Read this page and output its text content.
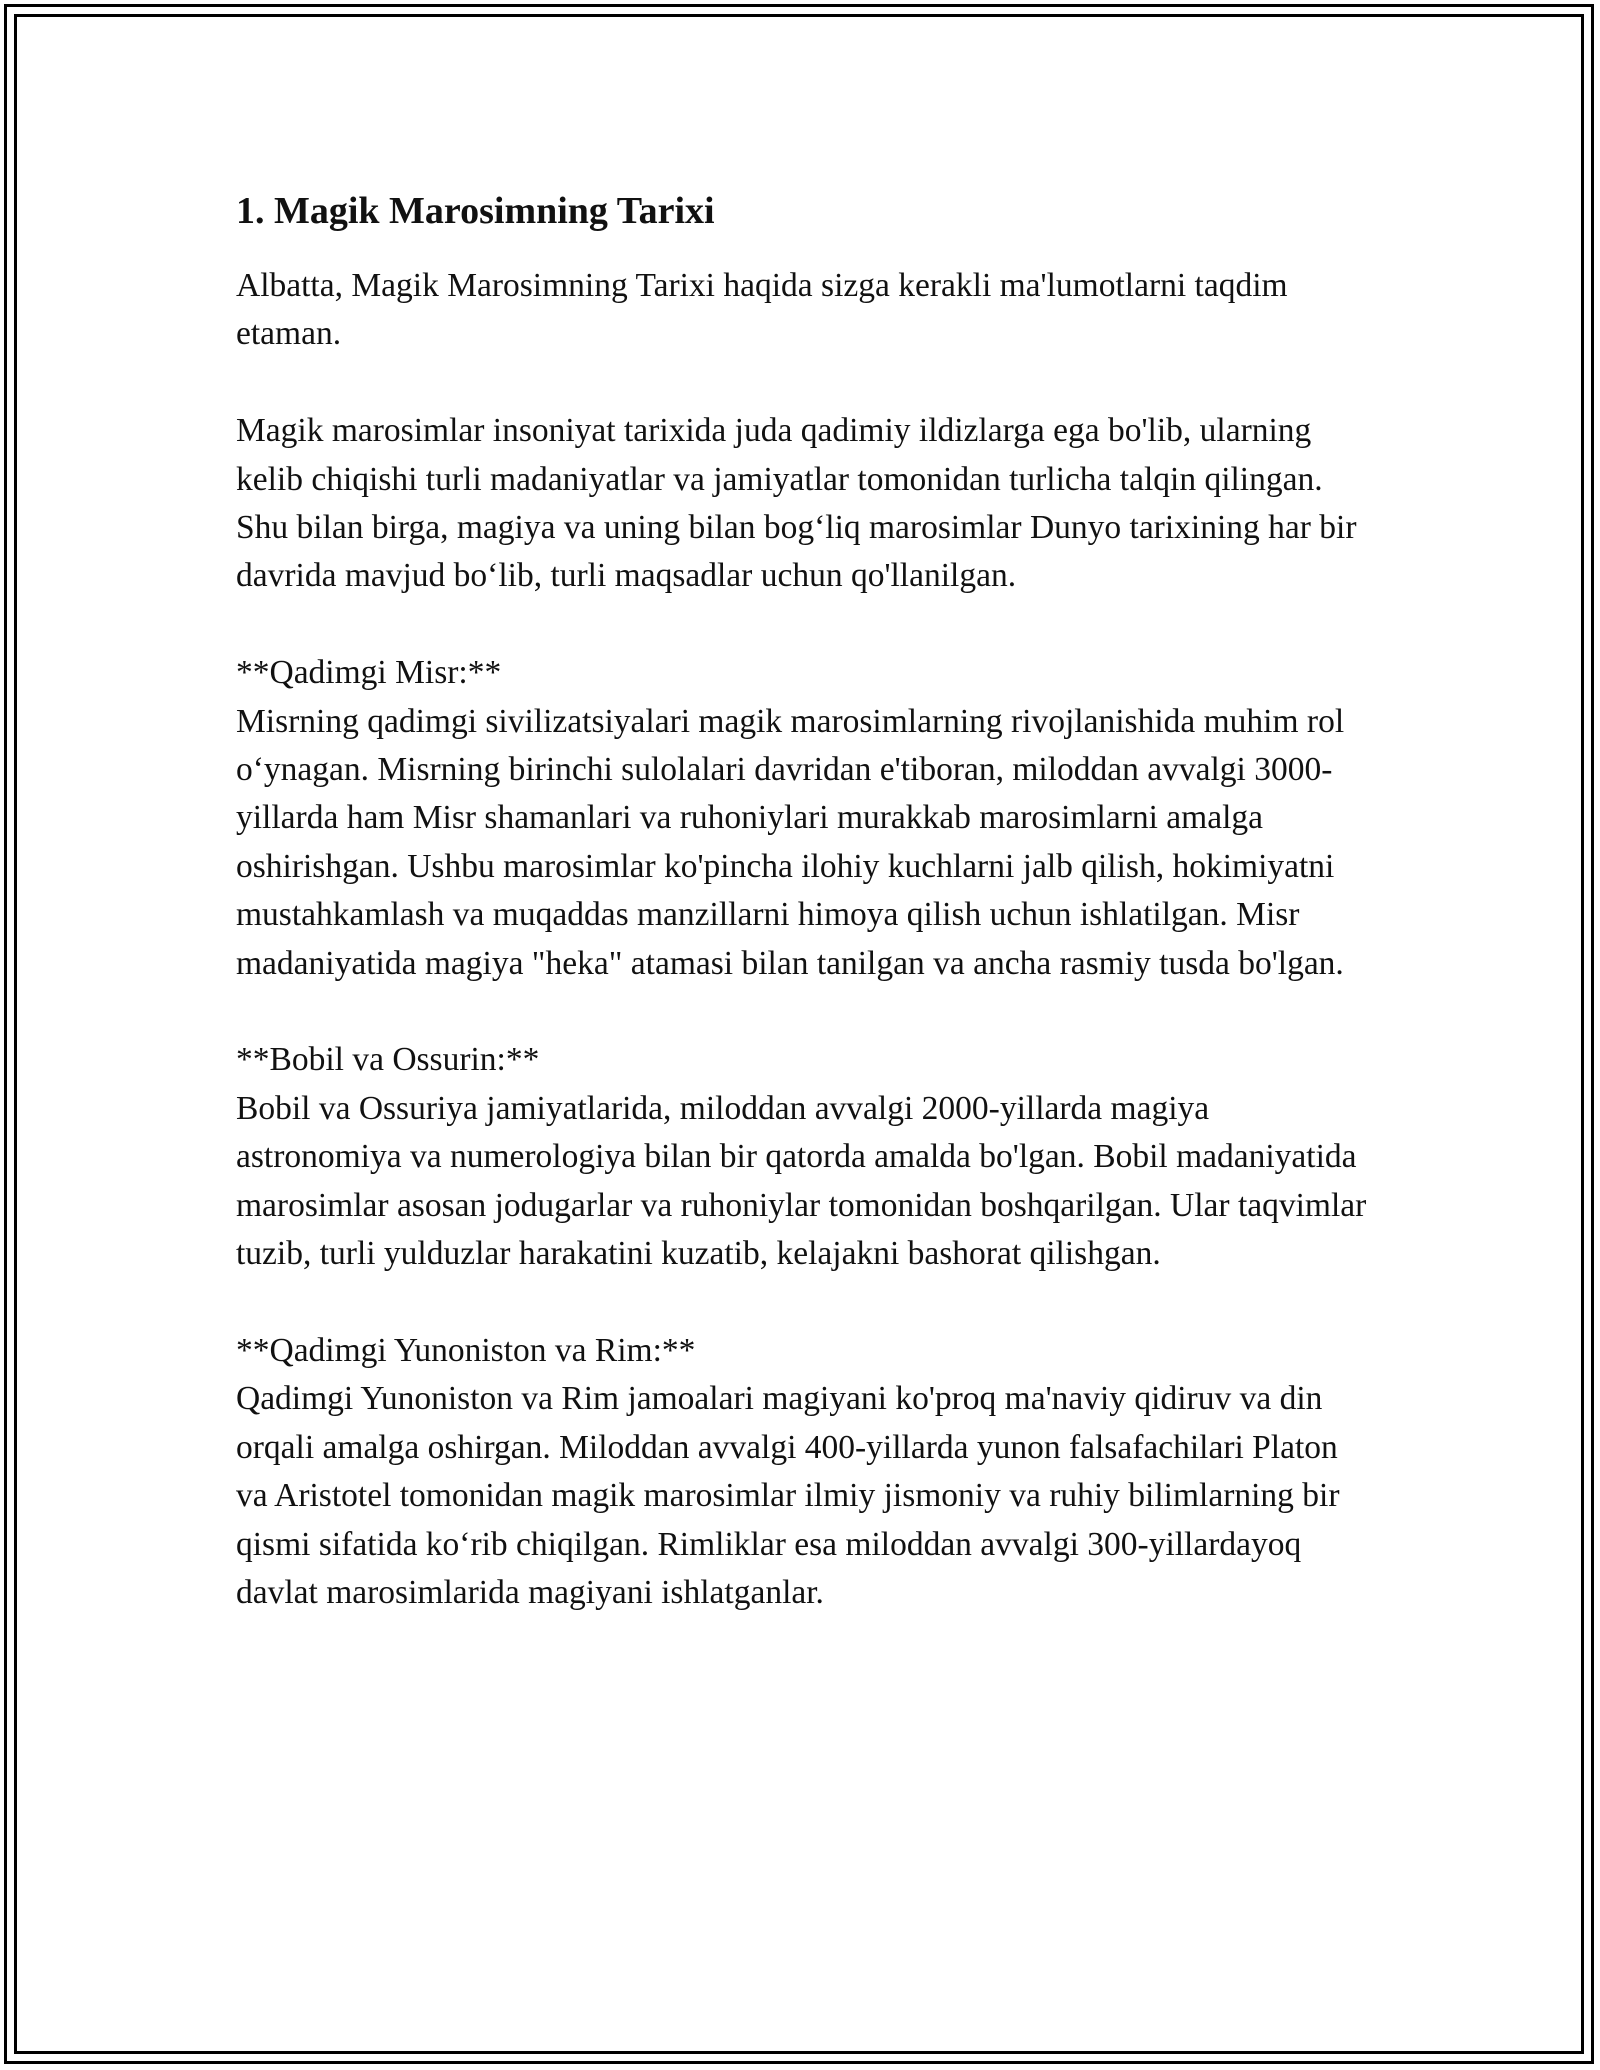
1. Magik Marosimning Tarixi

Albatta, Magik Marosimning Tarixi haqida sizga kerakli ma'lumotlarni taqdim etaman.

Magik marosimlar insoniyat tarixida juda qadimiy ildizlarga ega bo'lib, ularning kelib chiqishi turli madaniyatlar va jamiyatlar tomonidan turlicha talqin qilingan. Shu bilan birga, magiya va uning bilan bog‘liq marosimlar Dunyo tarixining har bir davrida mavjud bo‘lib, turli maqsadlar uchun qo'llanilgan.

**Qadimgi Misr:**
Misrning qadimgi sivilizatsiyalari magik marosimlarning rivojlanishida muhim rol o‘ynagan. Misrning birinchi sulolalari davridan e'tiboran, miloddan avvalgi 3000-yillarda ham Misr shamanlari va ruhoniylari murakkab marosimlarni amalga oshirishgan. Ushbu marosimlar ko'pincha ilohiy kuchlarni jalb qilish, hokimiyatni mustahkamlash va muqaddas manzillarni himoya qilish uchun ishlatilgan. Misr madaniyatida magiya "heka" atamasi bilan tanilgan va ancha rasmiy tusda bo'lgan.

**Bobil va Ossurin:**
Bobil va Ossuriya jamiyatlarida, miloddan avvalgi 2000-yillarda magiya astronomiya va numerologiya bilan bir qatorda amalda bo'lgan. Bobil madaniyatida marosimlar asosan jodugarlar va ruhoniylar tomonidan boshqarilgan. Ular taqvimlar tuzib, turli yulduzlar harakatini kuzatib, kelajakni bashorat qilishgan.

**Qadimgi Yunoniston va Rim:**
Qadimgi Yunoniston va Rim jamoalari magiyani ko'proq ma'naviy qidiruv va din orqali amalga oshirgan. Miloddan avvalgi 400-yillarda yunon falsafachilari Platon va Aristotel tomonidan magik marosimlar ilmiy jismoniy va ruhiy bilimlarning bir qismi sifatida ko‘rib chiqilgan. Rimliklar esa miloddan avvalgi 300-yillardayoq davlat marosimlarida magiyani ishlatganlar.
